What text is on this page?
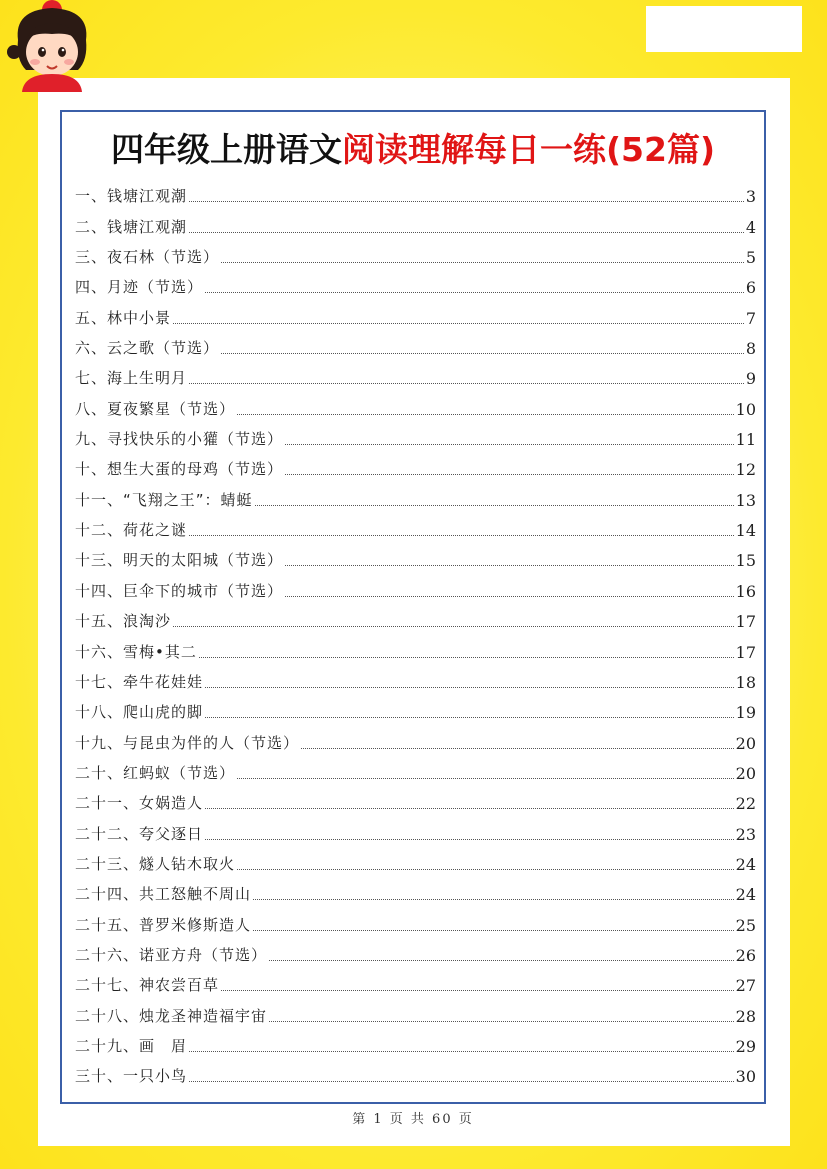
四年级上册语文阅读理解每日一练(52篇)
一、钱塘江观潮	3
二、钱塘江观潮	4
三、夜石林（节选）	5
四、月迹（节选）	6
五、林中小景	7
六、云之歌（节选）	8
七、海上生明月	9
八、夏夜繁星（节选）	10
九、寻找快乐的小獾（节选）	11
十、想生大蛋的母鸡（节选）	12
十一、“飞翔之王”：蜻蜓	13
十二、荷花之谜	14
十三、明天的太阳城（节选）	15
十四、巨伞下的城市（节选）	16
十五、浪淘沙	17
十六、雪梅•其二	17
十七、牵牛花娃娃	18
十八、爬山虎的脚	19
十九、与昆虫为伴的人（节选）	20
二十、红蚂蚁（节选）	20
二十一、女娲造人	22
二十二、夸父逐日	23
二十三、燧人钻木取火	24
二十四、共工怒触不周山	24
二十五、普罗米修斯造人	25
二十六、诺亚方舟（节选）	26
二十七、神农尝百草	27
二十八、烛龙圣神造福宇宙	28
二十九、画　眉	29
三十、一只小鸟	30
第 1 页 共 60 页
